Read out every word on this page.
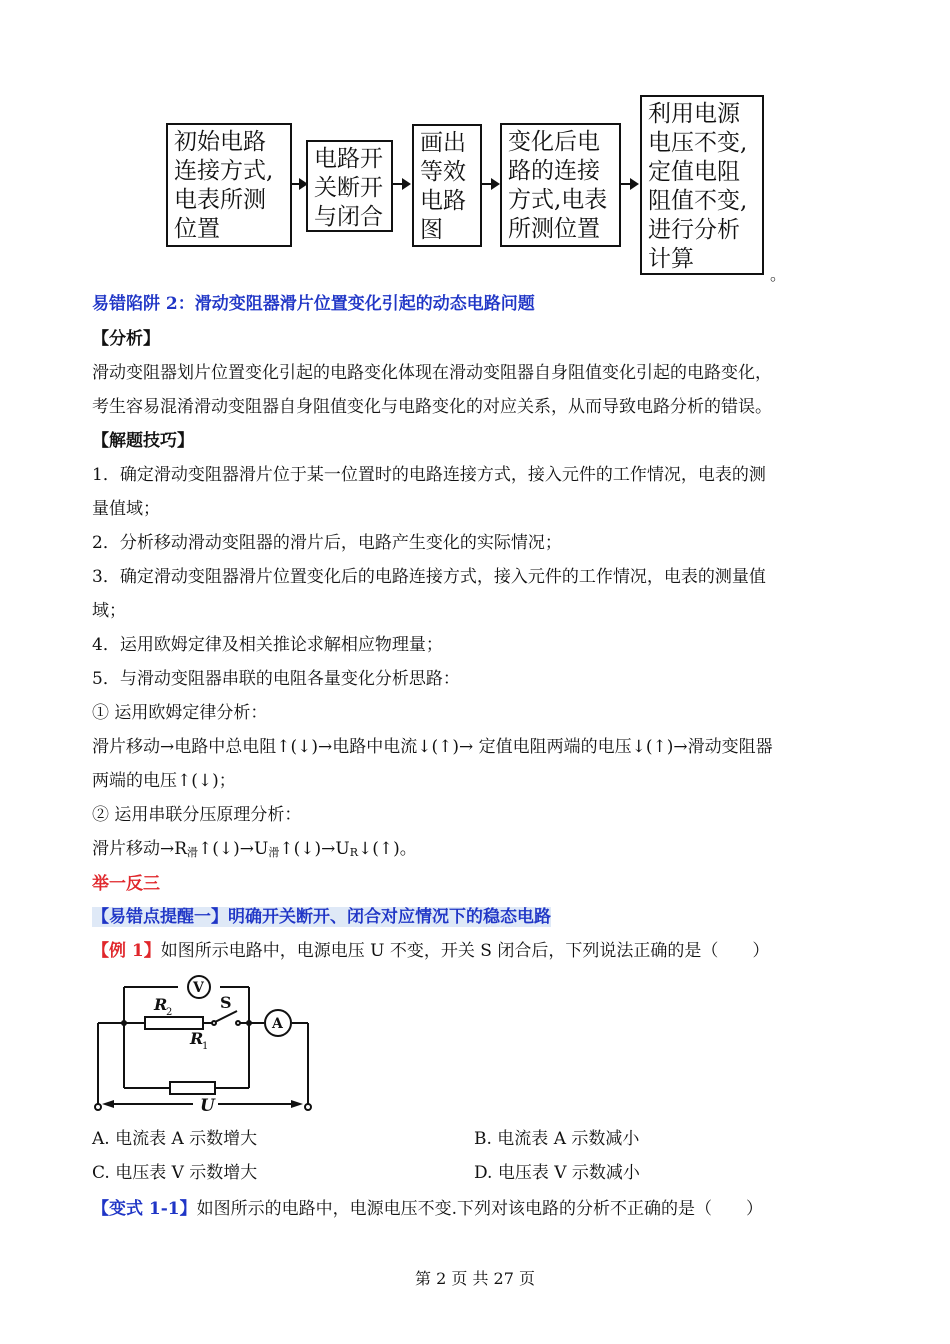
初始电路
连接方式,
电表所测
位置
电路开
关断开
与闭合
画出
等效
电路
图
变化后电
路的连接
方式,电表
所测位置
利用电源
电压不变,
定值电阻
阻值不变,
进行分析
计算
。
易错陷阱 2：滑动变阻器滑片位置变化引起的动态电路问题
【分析】
滑动变阻器划片位置变化引起的电路变化体现在滑动变阻器自身阻值变化引起的电路变化，
考生容易混淆滑动变阻器自身阻值变化与电路变化的对应关系，从而导致电路分析的错误。
【解题技巧】
1．确定滑动变阻器滑片位于某一位置时的电路连接方式，接入元件的工作情况，电表的测
量值域；
2．分析移动滑动变阻器的滑片后，电路产生变化的实际情况；
3．确定滑动变阻器滑片位置变化后的电路连接方式，接入元件的工作情况，电表的测量值
域；
4．运用欧姆定律及相关推论求解相应物理量；
5．与滑动变阻器串联的电阻各量变化分析思路：
① 运用欧姆定律分析：
滑片移动→电路中总电阻↑(↓)→电路中电流↓(↑)→ 定值电阻两端的电压↓(↑)→滑动变阻器
两端的电压↑(↓)；
② 运用串联分压原理分析：
滑片移动→R滑↑(↓)→U滑↑(↓)→UR↓(↑)。
举一反三
【易错点提醒一】明确开关断开、闭合对应情况下的稳态电路
【例 1】如图所示电路中，电源电压 U 不变，开关 S 闭合后，下列说法正确的是（　　）
V
A
R
2
R
1
S
U
A. 电流表 A 示数增大	B. 电流表 A 示数减小
C. 电压表 V 示数增大	D. 电压表 V 示数减小
【变式 1-1】如图所示的电路中，电源电压不变.下列对该电路的分析不正确的是（　　）
第 2 页 共 27 页
